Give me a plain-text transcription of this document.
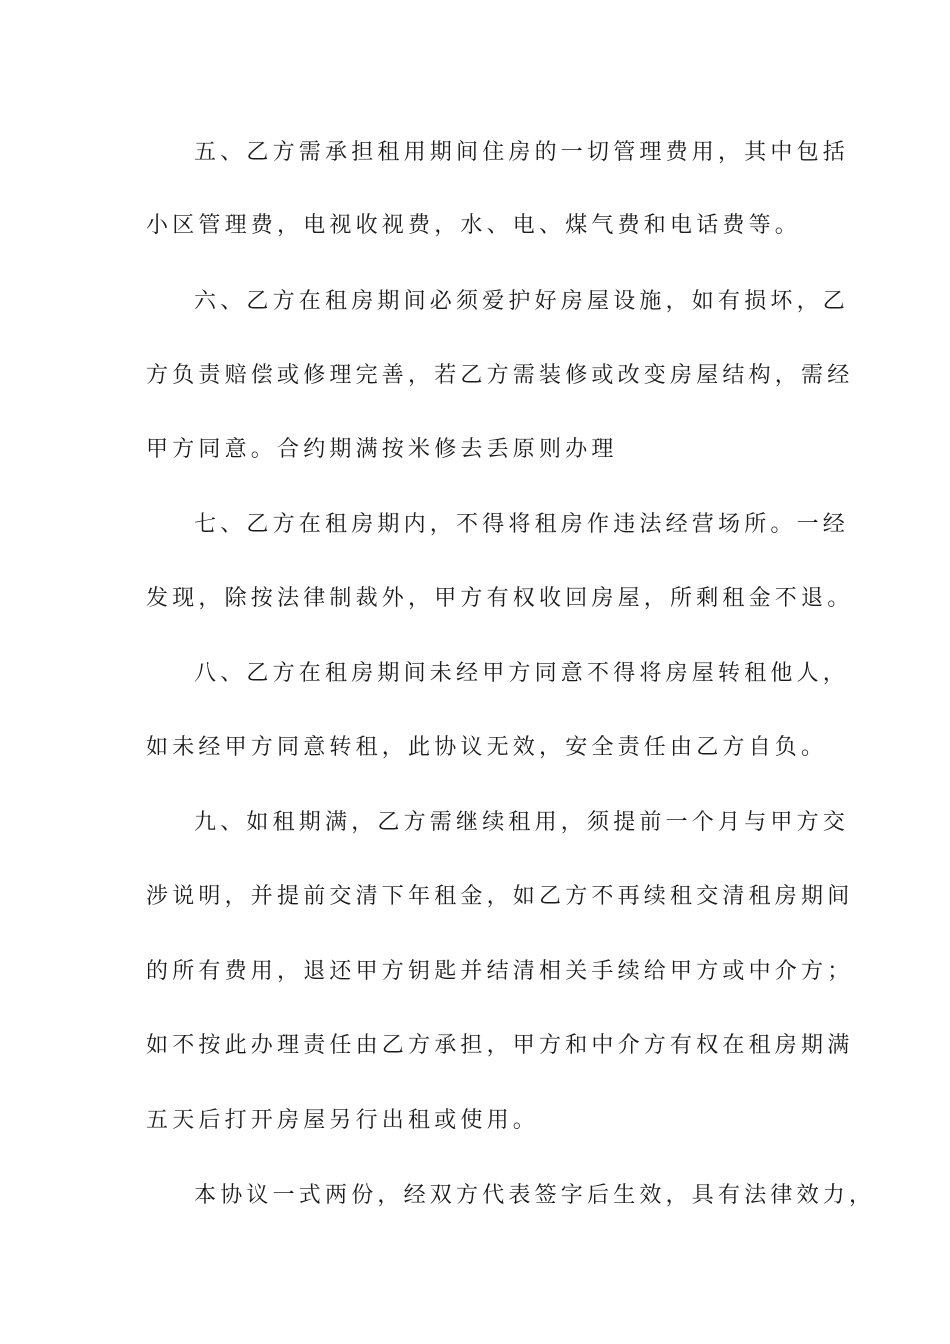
五、乙方需承担租用期间住房的一切管理费用，其中包括
小区管理费，电视收视费，水、电、煤气费和电话费等。
六、乙方在租房期间必须爱护好房屋设施，如有损坏，乙
方负责赔偿或修理完善，若乙方需装修或改变房屋结构，需经
甲方同意。合约期满按米修去丢原则办理
七、乙方在租房期内，不得将租房作违法经营场所。一经
发现，除按法律制裁外，甲方有权收回房屋，所剩租金不退。
八、乙方在租房期间未经甲方同意不得将房屋转租他人，
如未经甲方同意转租，此协议无效，安全责任由乙方自负。
九、如租期满，乙方需继续租用，须提前一个月与甲方交
涉说明，并提前交清下年租金，如乙方不再续租交清租房期间
的所有费用，退还甲方钥匙并结清相关手续给甲方或中介方；
如不按此办理责任由乙方承担，甲方和中介方有权在租房期满
五天后打开房屋另行出租或使用。
本协议一式两份，经双方代表签字后生效，具有法律效力，
